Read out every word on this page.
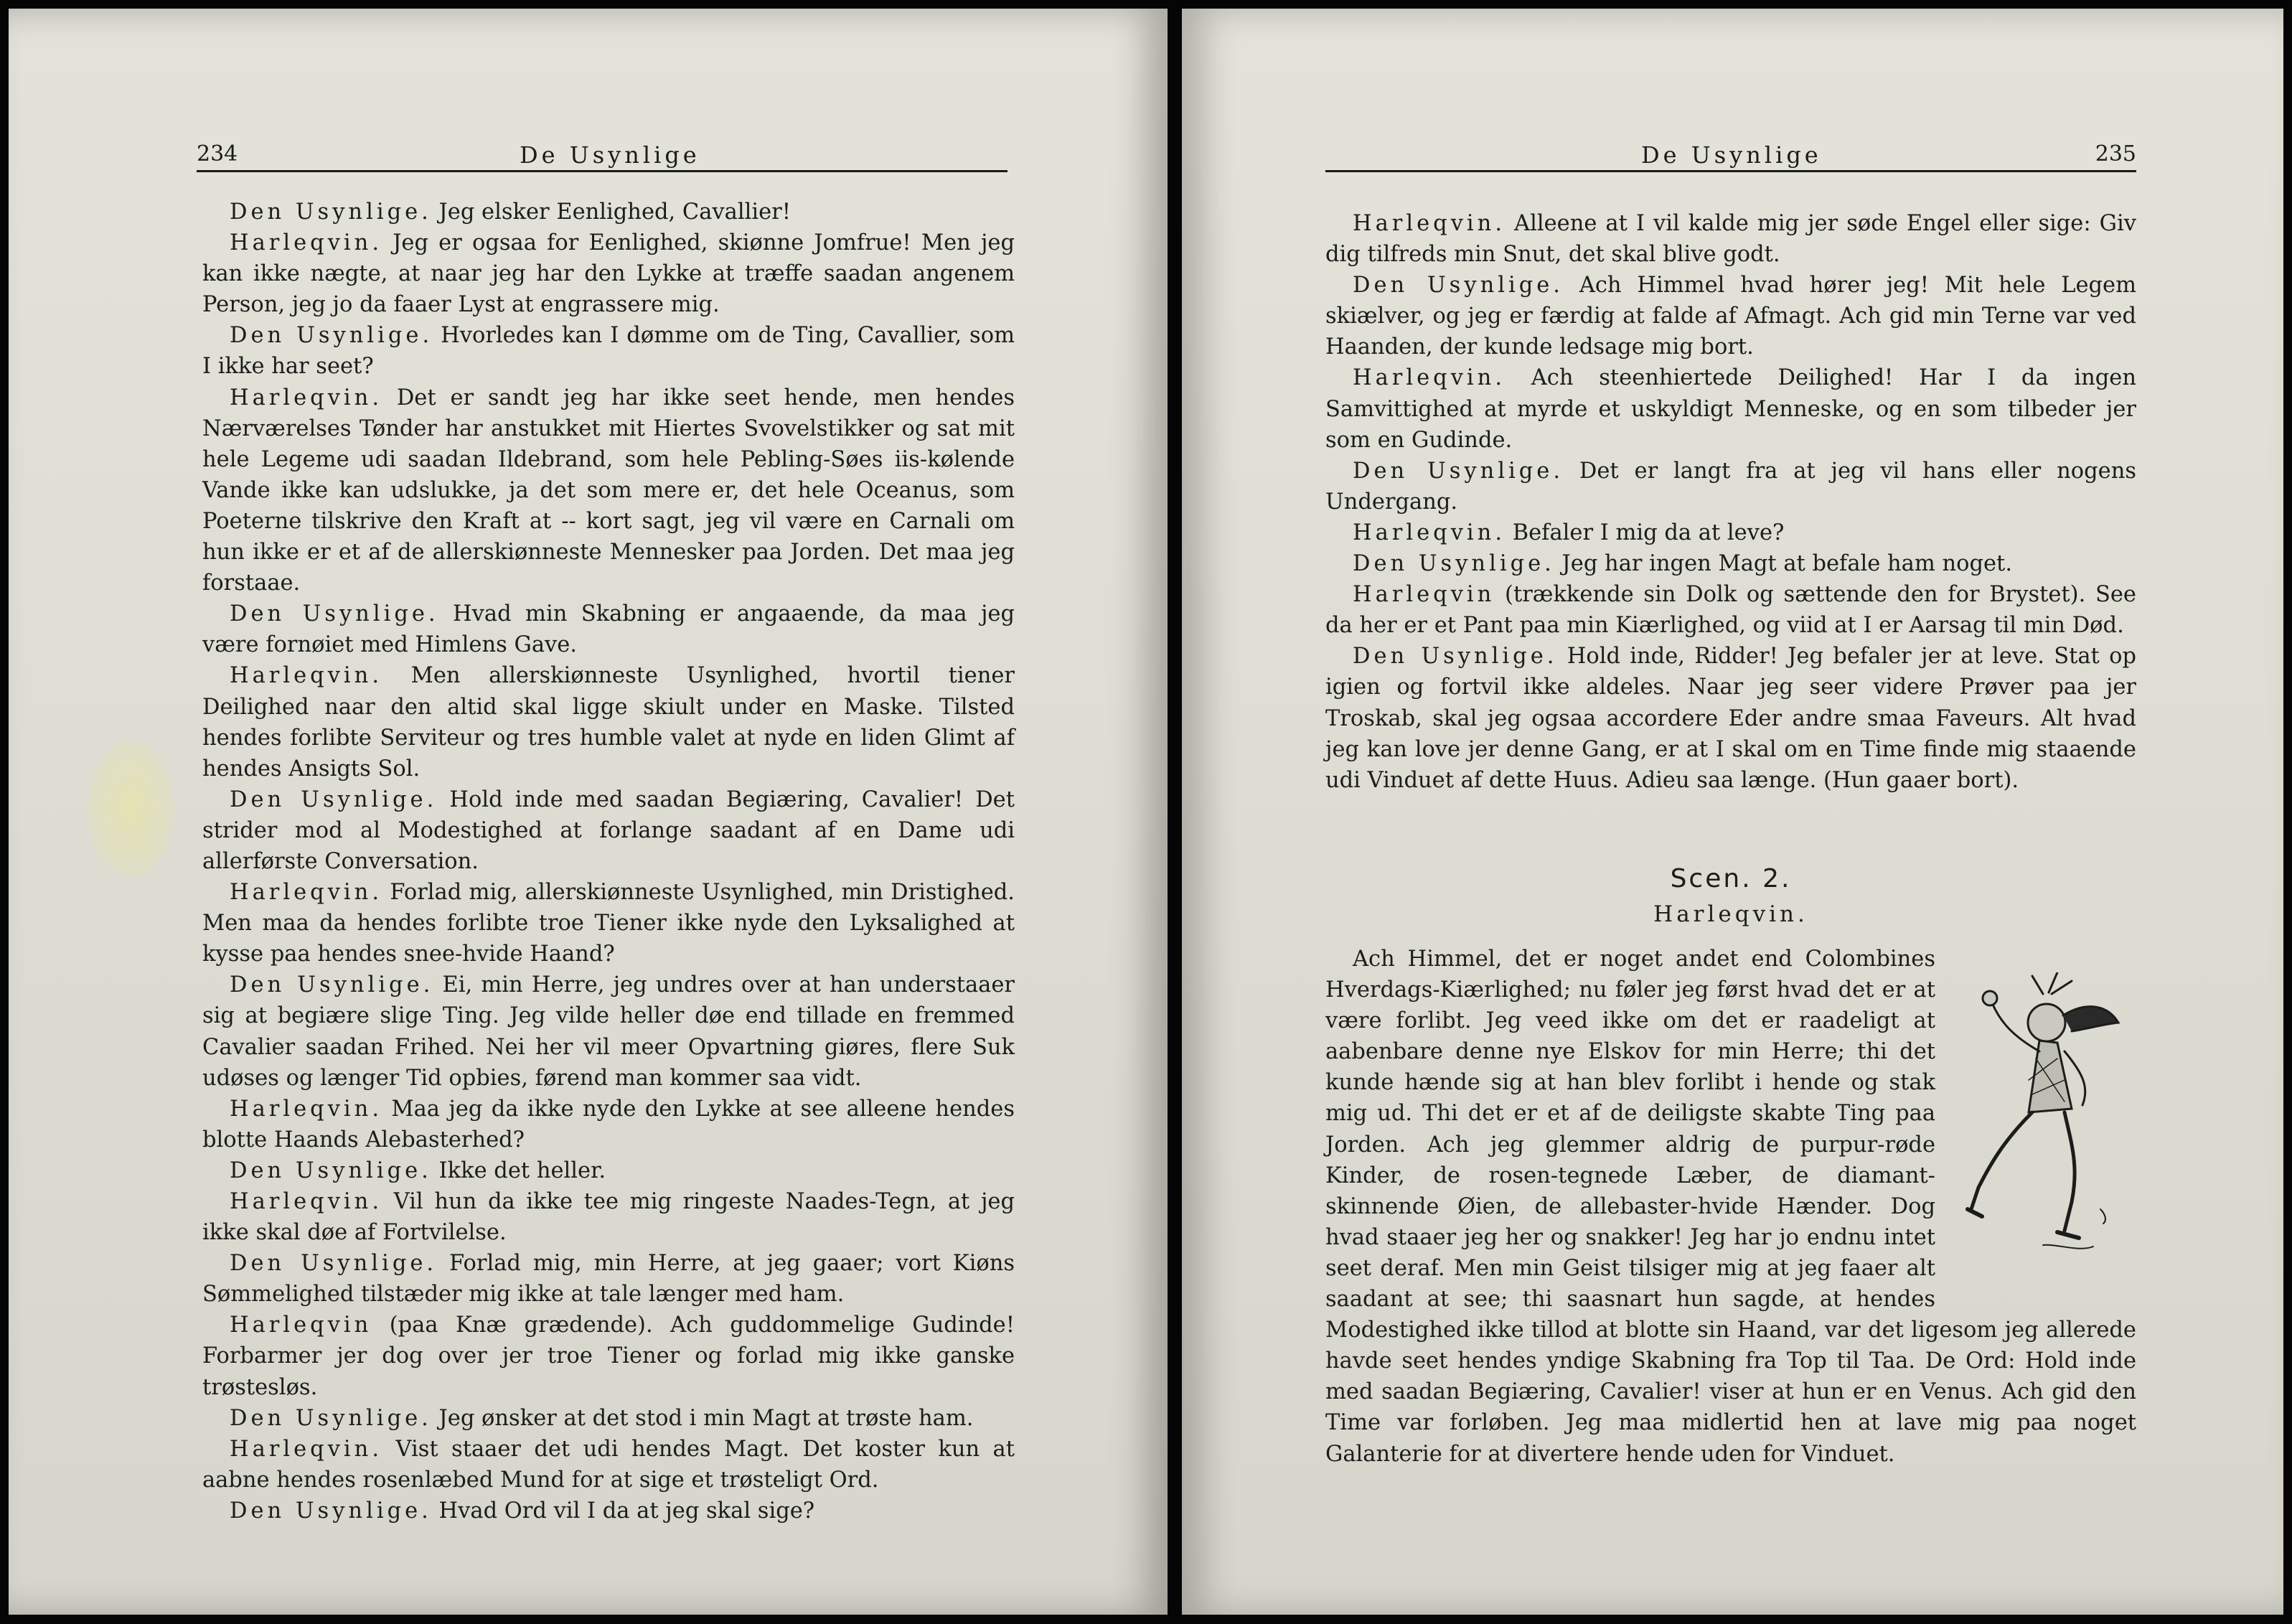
234	De Usynlige

Den Usynlige. Jeg elsker Eenlighed, Cavallier!

Harleqvin. Jeg er ogsaa for Eenlighed, skiønne Jomfrue! Men jeg kan ikke nægte, at naar jeg har den Lykke at træffe saadan angenem Person, jeg jo da faaer Lyst at engrassere mig.

Den Usynlige. Hvorledes kan I dømme om de Ting, Cavallier, som I ikke har seet?

Harleqvin. Det er sandt jeg har ikke seet hende, men hendes Nærværelses Tønder har anstukket mit Hiertes Svovelstikker og sat mit hele Legeme udi saadan Ildebrand, som hele Pebling-Søes iis-kølende Vande ikke kan udslukke, ja det som mere er, det hele Oceanus, som Poeterne tilskrive den Kraft at -- kort sagt, jeg vil være en Carnali om hun ikke er et af de allerskiønneste Mennesker paa Jorden. Det maa jeg forstaae.

Den Usynlige. Hvad min Skabning er angaaende, da maa jeg være fornøiet med Himlens Gave.

Harleqvin. Men allerskiønneste Usynlighed, hvortil tiener Deilighed naar den altid skal ligge skiult under en Maske. Tilsted hendes forlibte Serviteur og tres humble valet at nyde en liden Glimt af hendes Ansigts Sol.

Den Usynlige. Hold inde med saadan Begiæring, Cavalier! Det strider mod al Modestighed at forlange saadant af en Dame udi allerførste Conversation.

Harleqvin. Forlad mig, allerskiønneste Usynlighed, min Dristighed. Men maa da hendes forlibte troe Tiener ikke nyde den Lyksalighed at kysse paa hendes snee-hvide Haand?

Den Usynlige. Ei, min Herre, jeg undres over at han understaaer sig at begiære slige Ting. Jeg vilde heller døe end tillade en fremmed Cavalier saadan Frihed. Nei her vil meer Opvartning giøres, flere Suk udøses og længer Tid opbies, førend man kommer saa vidt.

Harleqvin. Maa jeg da ikke nyde den Lykke at see alleene hendes blotte Haands Alebasterhed?

Den Usynlige. Ikke det heller.

Harleqvin. Vil hun da ikke tee mig ringeste Naades-Tegn, at jeg ikke skal døe af Fortvilelse.

Den Usynlige. Forlad mig, min Herre, at jeg gaaer; vort Kiøns Sømmelighed tilstæder mig ikke at tale længer med ham.

Harleqvin (paa Knæ grædende). Ach guddommelige Gudinde! Forbarmer jer dog over jer troe Tiener og forlad mig ikke ganske trøstesløs.

Den Usynlige. Jeg ønsker at det stod i min Magt at trøste ham.

Harleqvin. Vist staaer det udi hendes Magt. Det koster kun at aabne hendes rosenlæbed Mund for at sige et trøsteligt Ord.

Den Usynlige. Hvad Ord vil I da at jeg skal sige?

De Usynlige	235

Harleqvin. Alleene at I vil kalde mig jer søde Engel eller sige: Giv dig tilfreds min Snut, det skal blive godt.

Den Usynlige. Ach Himmel hvad hører jeg! Mit hele Legem skiælver, og jeg er færdig at falde af Afmagt. Ach gid min Terne var ved Haanden, der kunde ledsage mig bort.

Harleqvin. Ach steenhiertede Deilighed! Har I da ingen Samvittighed at myrde et uskyldigt Menneske, og en som tilbeder jer som en Gudinde.

Den Usynlige. Det er langt fra at jeg vil hans eller nogens Undergang.

Harleqvin. Befaler I mig da at leve?

Den Usynlige. Jeg har ingen Magt at befale ham noget.

Harleqvin (trækkende sin Dolk og sættende den for Brystet). See da her er et Pant paa min Kiærlighed, og viid at I er Aarsag til min Død.

Den Usynlige. Hold inde, Ridder! Jeg befaler jer at leve. Stat op igien og fortvil ikke aldeles. Naar jeg seer videre Prøver paa jer Troskab, skal jeg ogsaa accordere Eder andre smaa Faveurs. Alt hvad jeg kan love jer denne Gang, er at I skal om en Time finde mig staaende udi Vinduet af dette Huus. Adieu saa længe. (Hun gaaer bort).

Scen. 2.
Harleqvin.

Ach Himmel, det er noget andet end Colombines Hverdags-Kiærlighed; nu føler jeg først hvad det er at være forlibt. Jeg veed ikke om det er raadeligt at aabenbare denne nye Elskov for min Herre; thi det kunde hænde sig at han blev forlibt i hende og stak mig ud. Thi det er et af de deiligste skabte Ting paa Jorden. Ach jeg glemmer aldrig de purpur-røde Kinder, de rosen-tegnede Læber, de diamant-skinnende Øien, de allebaster-hvide Hænder. Dog hvad staaer jeg her og snakker! Jeg har jo endnu intet seet deraf. Men min Geist tilsiger mig at jeg faaer alt saadant at see; thi saasnart hun sagde, at hendes Modestighed ikke tillod at blotte sin Haand, var det ligesom jeg allerede havde seet hendes yndige Skabning fra Top til Taa. De Ord: Hold inde med saadan Begiæring, Cavalier! viser at hun er en Venus. Ach gid den Time var forløben. Jeg maa midlertid hen at lave mig paa noget Galanterie for at divertere hende uden for Vinduet.
